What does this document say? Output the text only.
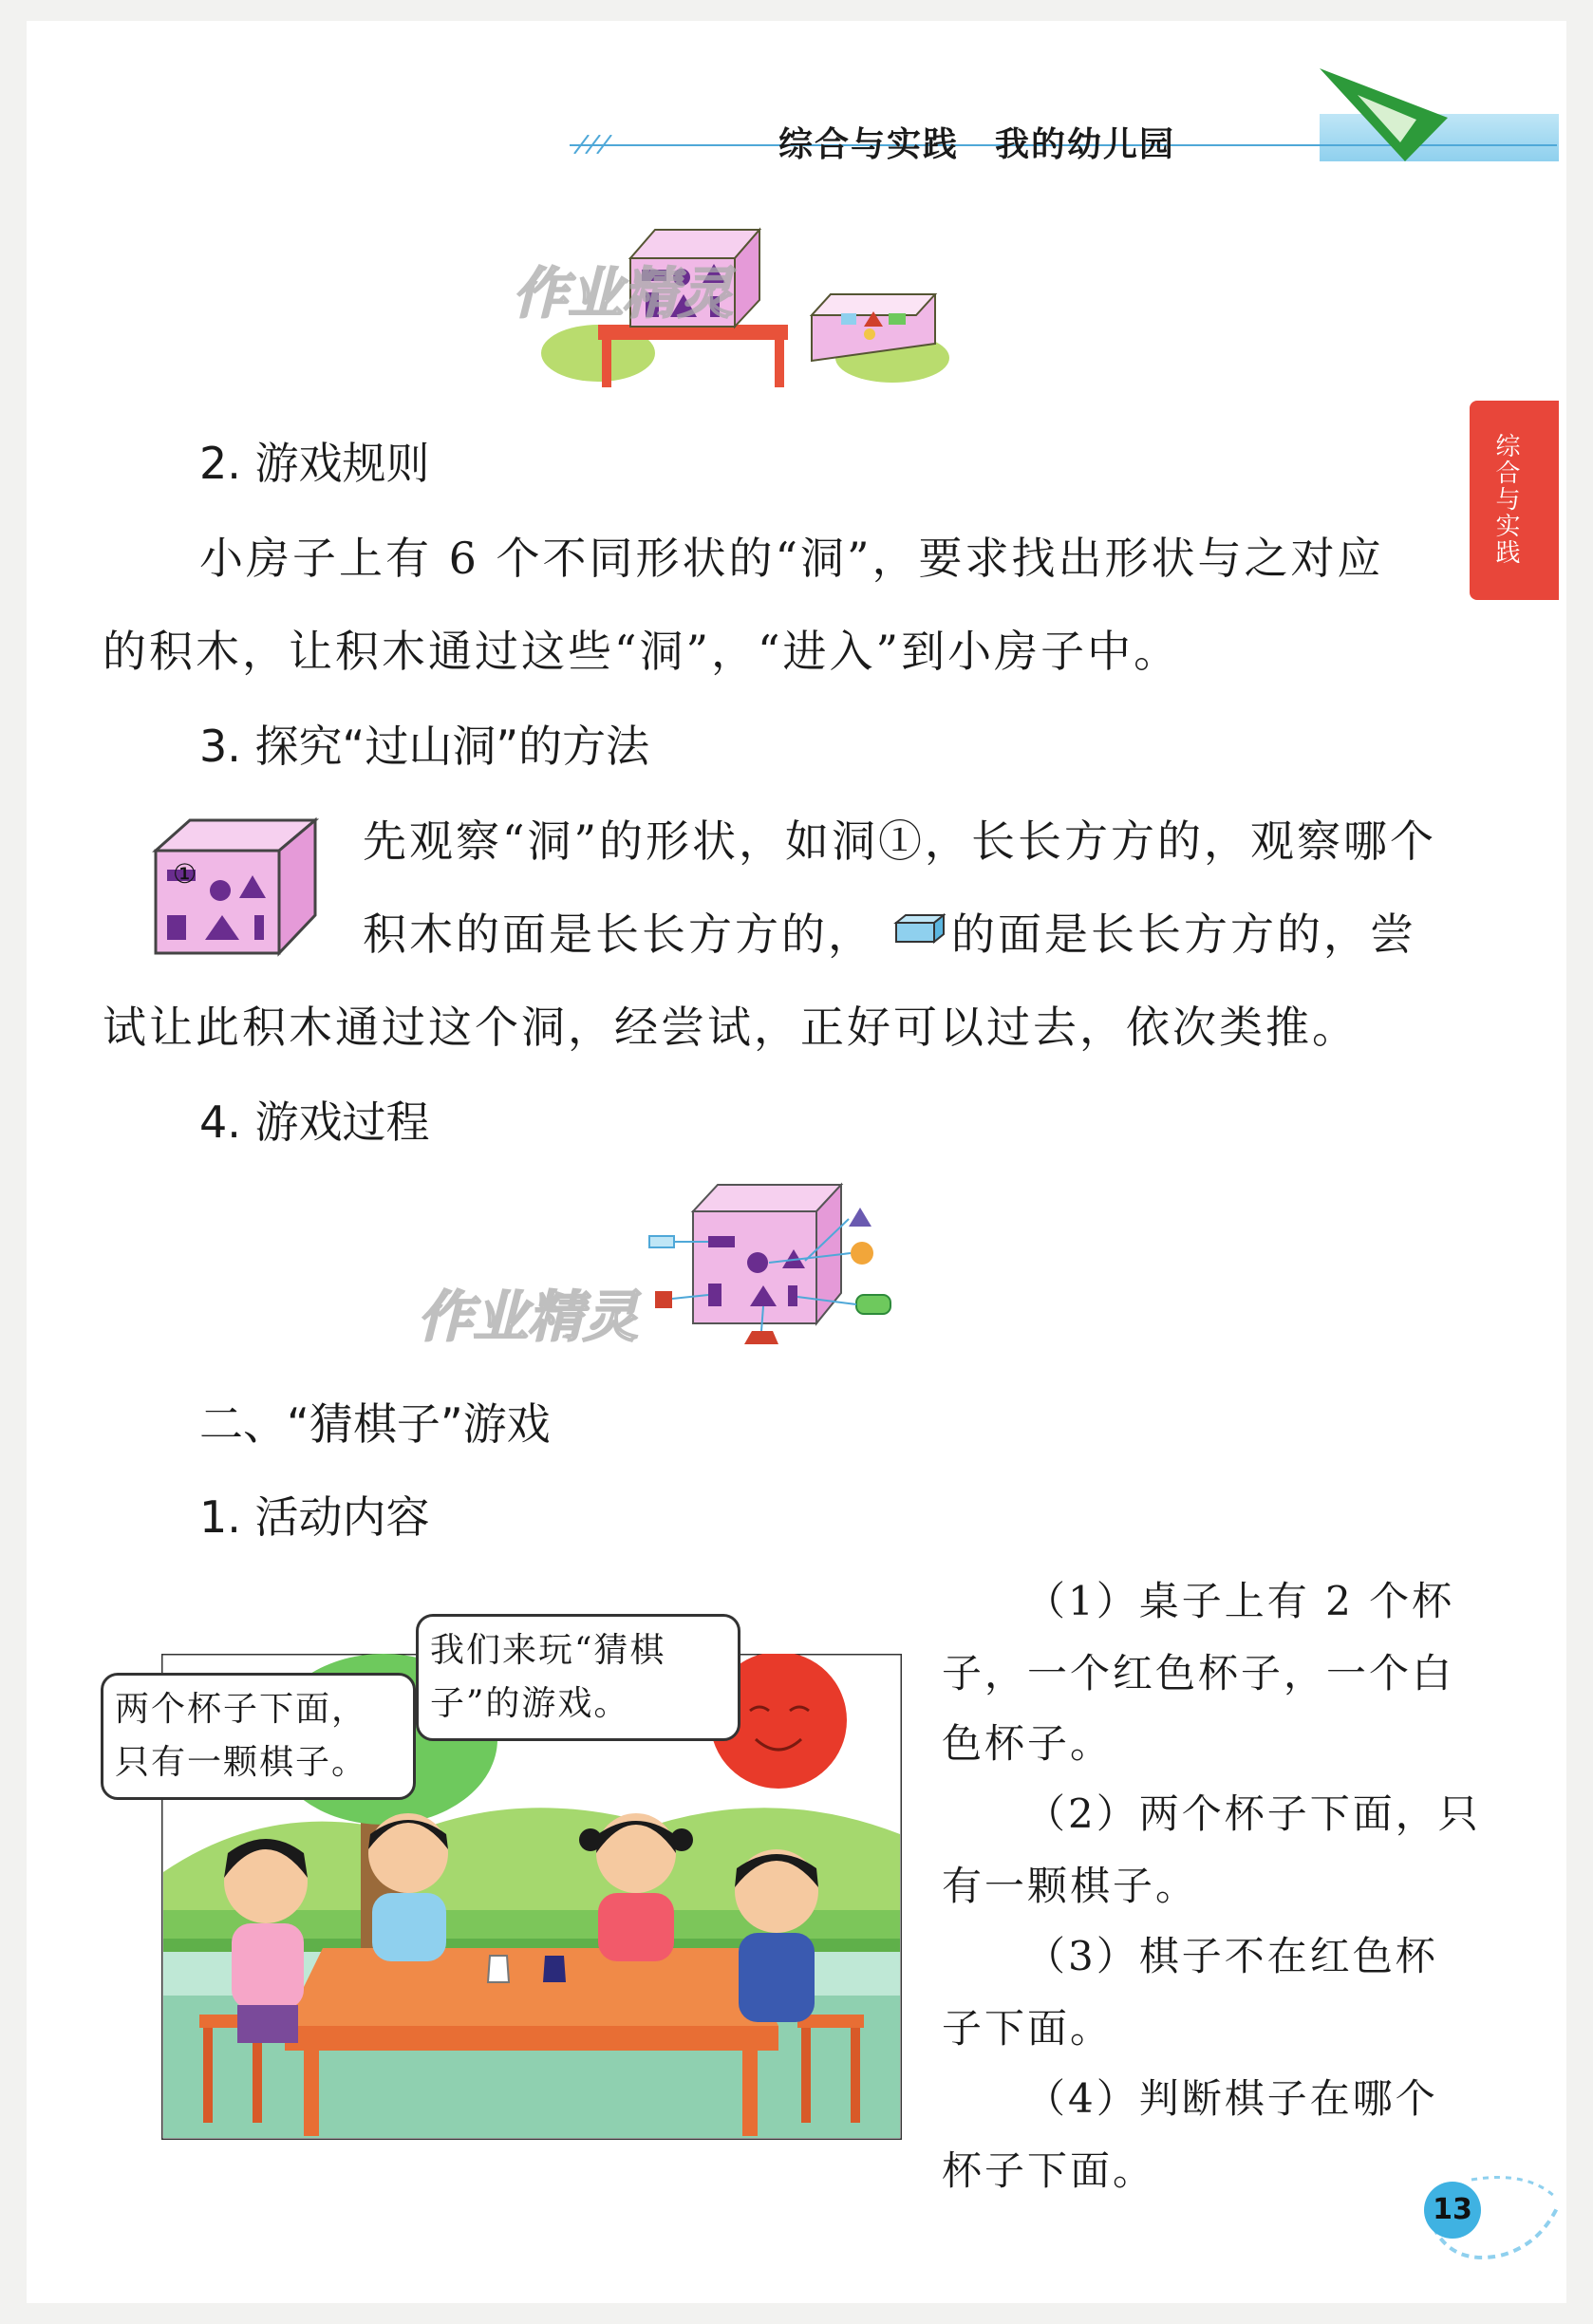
综合与实践　我的幼儿园
综合与实践
作业精灵
2. 游戏规则
小房子上有 6 个不同形状的“洞”，要求找出形状与之对应
的积木，让积木通过这些“洞”，“进入”到小房子中。
3. 探究“过山洞”的方法
①
先观察“洞”的形状，如洞①，长长方方的，观察哪个
积木的面是长长方方的， 的面是长长方方的，尝
试让此积木通过这个洞，经尝试，正好可以过去，依次类推。
4. 游戏过程
作业精灵
二、“猜棋子”游戏
1. 活动内容
两个杯子下面，
只有一颗棋子。
我们来玩“猜棋
子”的游戏。
（1）桌子上有 2 个杯
子，一个红色杯子，一个白
色杯子。
（2）两个杯子下面，只
有一颗棋子。
（3）棋子不在红色杯
子下面。
（4）判断棋子在哪个
杯子下面。
13
